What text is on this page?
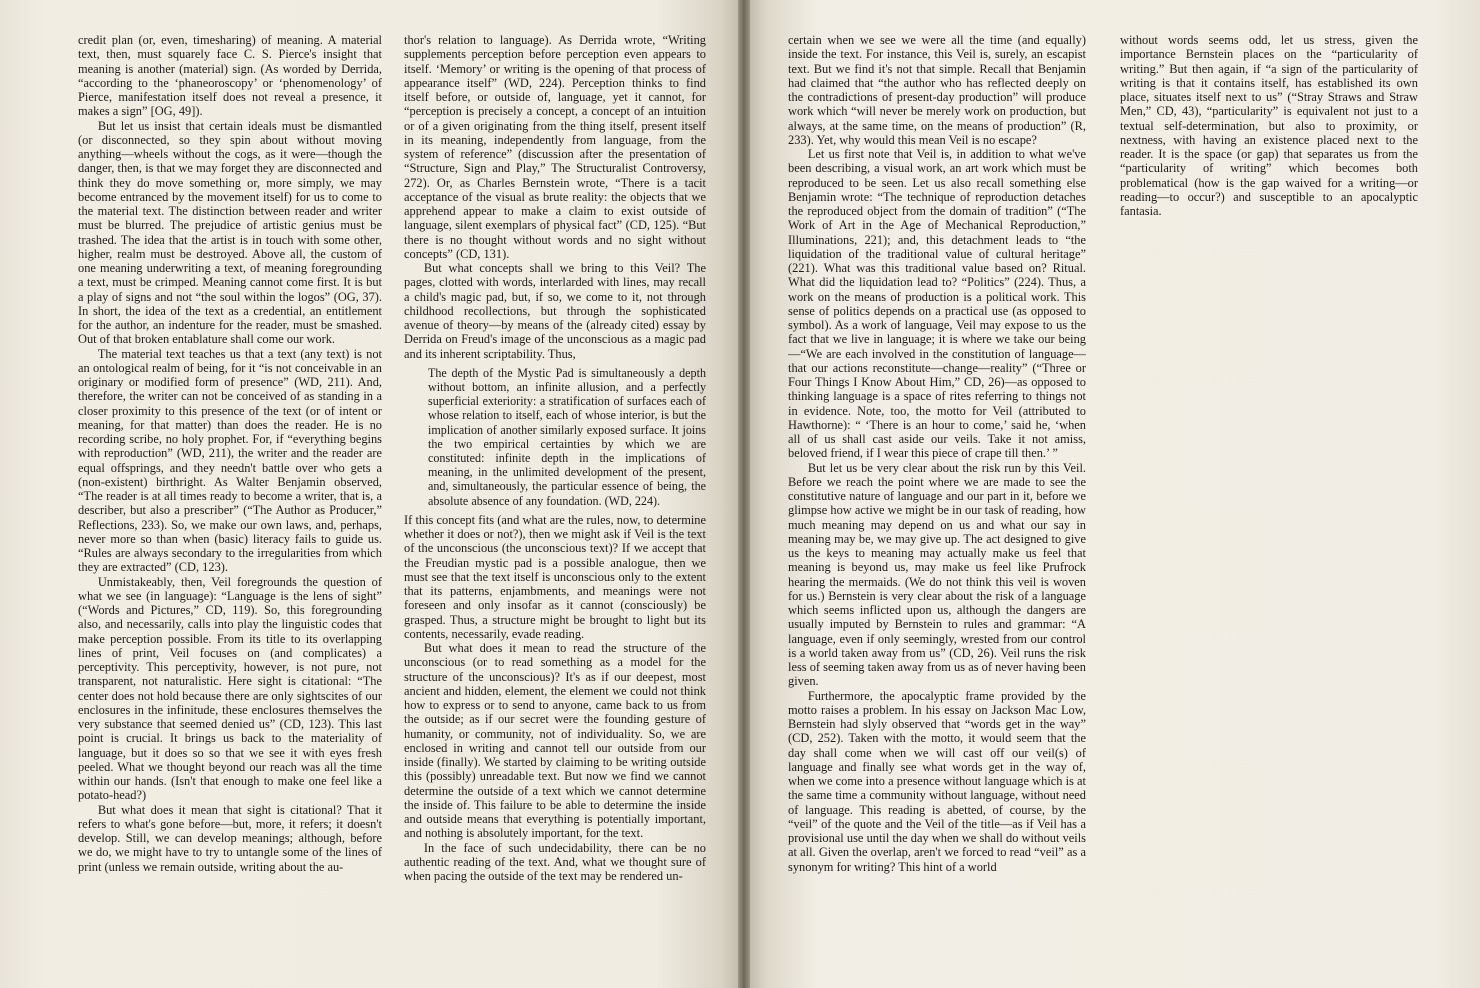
credit plan (or, even, timesharing) of meaning. A material text, then, must squarely face C. S. Pierce's insight that meaning is another (material) sign. (As worded by Derrida, “according to the ‘phaneoroscopy’ or ‘phenomenology’ of Pierce, manifestation itself does not reveal a presence, it makes a sign” [OG, 49]).

But let us insist that certain ideals must be dismantled (or disconnected, so they spin about without moving anything—wheels without the cogs, as it were—though the danger, then, is that we may forget they are disconnected and think they do move something or, more simply, we may become entranced by the movement itself) for us to come to the material text. The distinction between reader and writer must be blurred. The prejudice of artistic genius must be trashed. The idea that the artist is in touch with some other, higher, realm must be destroyed. Above all, the custom of one meaning underwriting a text, of meaning foregrounding a text, must be crimped. Meaning cannot come first. It is but a play of signs and not “the soul within the logos” (OG, 37). In short, the idea of the text as a credential, an entitlement for the author, an indenture for the reader, must be smashed. Out of that broken entablature shall come our work.

The material text teaches us that a text (any text) is not an ontological realm of being, for it “is not conceivable in an originary or modified form of presence” (WD, 211). And, therefore, the writer can not be conceived of as standing in a closer proximity to this presence of the text (or of intent or meaning, for that matter) than does the reader. He is no recording scribe, no holy prophet. For, if “everything begins with reproduction” (WD, 211), the writer and the reader are equal offsprings, and they needn't battle over who gets a (non-existent) birthright. As Walter Benjamin observed, “The reader is at all times ready to become a writer, that is, a describer, but also a prescriber” (“The Author as Producer,” Reflections, 233). So, we make our own laws, and, perhaps, never more so than when (basic) literacy fails to guide us. “Rules are always secondary to the irregularities from which they are extracted” (CD, 123).

Unmistakeably, then, Veil foregrounds the question of what we see (in language): “Language is the lens of sight” (“Words and Pictures,” CD, 119). So, this foregrounding also, and necessarily, calls into play the linguistic codes that make perception possible. From its title to its overlapping lines of print, Veil focuses on (and complicates) a perceptivity. This perceptivity, however, is not pure, not transparent, not naturalistic. Here sight is citational: “The center does not hold because there are only sightscites of our enclosures in the infinitude, these enclosures themselves the very substance that seemed denied us” (CD, 123). This last point is crucial. It brings us back to the materiality of language, but it does so so that we see it with eyes fresh peeled. What we thought beyond our reach was all the time within our hands. (Isn't that enough to make one feel like a potato-head?)

But what does it mean that sight is citational? That it refers to what's gone before—but, more, it refers; it doesn't develop. Still, we can develop meanings; although, before we do, we might have to try to untangle some of the lines of print (unless we remain outside, writing about the au-

thor's relation to language). As Derrida wrote, “Writing supplements perception before perception even appears to itself. ‘Memory’ or writing is the opening of that process of appearance itself” (WD, 224). Perception thinks to find itself before, or outside of, language, yet it cannot, for “perception is precisely a concept, a concept of an intuition or of a given originating from the thing itself, present itself in its meaning, independently from language, from the system of reference” (discussion after the presentation of “Structure, Sign and Play,” The Structuralist Controversy, 272). Or, as Charles Bernstein wrote, “There is a tacit acceptance of the visual as brute reality: the objects that we apprehend appear to make a claim to exist outside of language, silent exemplars of physical fact” (CD, 125). “But there is no thought without words and no sight without concepts” (CD, 131).

But what concepts shall we bring to this Veil? The pages, clotted with words, interlarded with lines, may recall a child's magic pad, but, if so, we come to it, not through childhood recollections, but through the sophisticated avenue of theory—by means of the (already cited) essay by Derrida on Freud's image of the unconscious as a magic pad and its inherent scriptability. Thus,

The depth of the Mystic Pad is simultaneously a depth without bottom, an infinite allusion, and a perfectly superficial exteriority: a stratification of surfaces each of whose relation to itself, each of whose interior, is but the implication of another similarly exposed surface. It joins the two empirical certainties by which we are constituted: infinite depth in the implications of meaning, in the unlimited development of the present, and, simultaneously, the particular essence of being, the absolute absence of any foundation. (WD, 224).

If this concept fits (and what are the rules, now, to determine whether it does or not?), then we might ask if Veil is the text of the unconscious (the unconscious text)? If we accept that the Freudian mystic pad is a possible analogue, then we must see that the text itself is unconscious only to the extent that its patterns, enjambments, and meanings were not foreseen and only insofar as it cannot (consciously) be grasped. Thus, a structure might be brought to light but its contents, necessarily, evade reading.

But what does it mean to read the structure of the unconscious (or to read something as a model for the structure of the unconscious)? It's as if our deepest, most ancient and hidden, element, the element we could not think how to express or to send to anyone, came back to us from the outside; as if our secret were the founding gesture of humanity, or community, not of individuality. So, we are enclosed in writing and cannot tell our outside from our inside (finally). We started by claiming to be writing outside this (possibly) unreadable text. But now we find we cannot determine the outside of a text which we cannot determine the inside of. This failure to be able to determine the inside and outside means that everything is potentially important, and nothing is absolutely important, for the text.

In the face of such undecidability, there can be no authentic reading of the text. And, what we thought sure of when pacing the outside of the text may be rendered un-

certain when we see we were all the time (and equally) inside the text. For instance, this Veil is, surely, an escapist text. But we find it's not that simple. Recall that Benjamin had claimed that “the author who has reflected deeply on the contradictions of present-day production” will produce work which “will never be merely work on production, but always, at the same time, on the means of production” (R, 233). Yet, why would this mean Veil is no escape?

Let us first note that Veil is, in addition to what we've been describing, a visual work, an art work which must be reproduced to be seen. Let us also recall something else Benjamin wrote: “The technique of reproduction detaches the reproduced object from the domain of tradition” (“The Work of Art in the Age of Mechanical Reproduction,” Illuminations, 221); and, this detachment leads to “the liquidation of the traditional value of cultural heritage” (221). What was this traditional value based on? Ritual. What did the liquidation lead to? “Politics” (224). Thus, a work on the means of production is a political work. This sense of politics depends on a practical use (as opposed to symbol). As a work of language, Veil may expose to us the fact that we live in language; it is where we take our being—“We are each involved in the constitution of language—that our actions reconstitute—change—reality” (“Three or Four Things I Know About Him,” CD, 26)—as opposed to thinking language is a space of rites referring to things not in evidence. Note, too, the motto for Veil (attributed to Hawthorne): “ ‘There is an hour to come,’ said he, ‘when all of us shall cast aside our veils. Take it not amiss, beloved friend, if I wear this piece of crape till then.’ ”

But let us be very clear about the risk run by this Veil. Before we reach the point where we are made to see the constitutive nature of language and our part in it, before we glimpse how active we might be in our task of reading, how much meaning may depend on us and what our say in meaning may be, we may give up. The act designed to give us the keys to meaning may actually make us feel that meaning is beyond us, may make us feel like Prufrock hearing the mermaids. (We do not think this veil is woven for us.) Bernstein is very clear about the risk of a language which seems inflicted upon us, although the dangers are usually imputed by Bernstein to rules and grammar: “A language, even if only seemingly, wrested from our control is a world taken away from us” (CD, 26). Veil runs the risk less of seeming taken away from us as of never having been given.

Furthermore, the apocalyptic frame provided by the motto raises a problem. In his essay on Jackson Mac Low, Bernstein had slyly observed that “words get in the way” (CD, 252). Taken with the motto, it would seem that the day shall come when we will cast off our veil(s) of language and finally see what words get in the way of, when we come into a presence without language which is at the same time a community without language, without need of language. This reading is abetted, of course, by the “veil” of the quote and the Veil of the title—as if Veil has a provisional use until the day when we shall do without veils at all. Given the overlap, aren't we forced to read “veil” as a synonym for writing? This hint of a world

without words seems odd, let us stress, given the importance Bernstein places on the “particularity of writing.” But then again, if “a sign of the particularity of writing is that it contains itself, has established its own place, situates itself next to us” (“Stray Straws and Straw Men,” CD, 43), “particularity” is equivalent not just to a textual self-determination, but also to proximity, or nextness, with having an existence placed next to the reader. It is the space (or gap) that separates us from the “particularity of writing” which becomes both problematical (how is the gap waived for a writing—or reading—to occur?) and susceptible to an apocalyptic fantasia.
